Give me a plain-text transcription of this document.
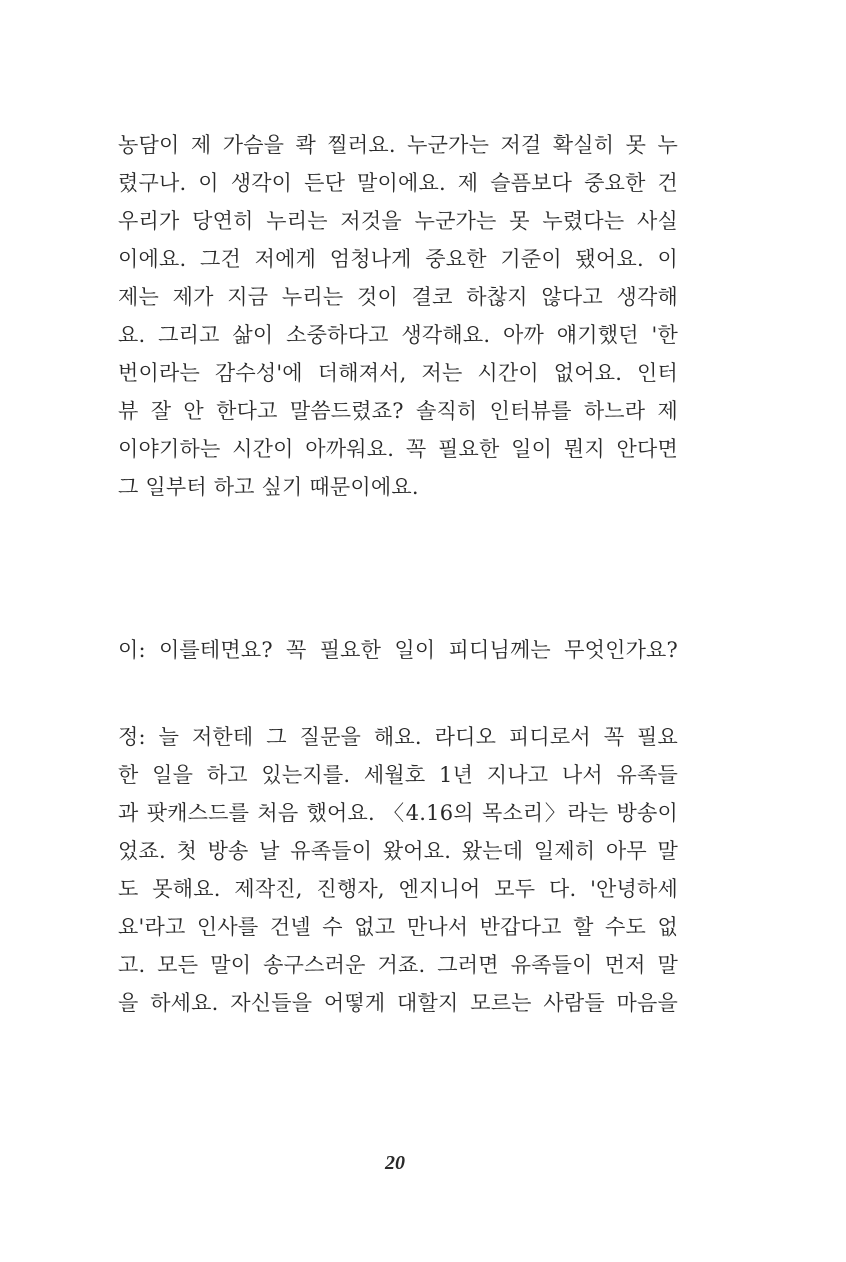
농담이 제 가슴을 콱 찔러요. 누군가는 저걸 확실히 못 누
렸구나. 이 생각이 든단 말이에요. 제 슬픔보다 중요한 건
우리가 당연히 누리는 저것을 누군가는 못 누렸다는 사실
이에요. 그건 저에게 엄청나게 중요한 기준이 됐어요. 이
제는 제가 지금 누리는 것이 결코 하찮지 않다고 생각해
요. 그리고 삶이 소중하다고 생각해요. 아까 얘기했던 '한
번이라는 감수성'에 더해져서, 저는 시간이 없어요. 인터
뷰 잘 안 한다고 말씀드렸죠? 솔직히 인터뷰를 하느라 제
이야기하는 시간이 아까워요. 꼭 필요한 일이 뭔지 안다면
그 일부터 하고 싶기 때문이에요.
이: 이를테면요? 꼭 필요한 일이 피디님께는 무엇인가요?
정: 늘 저한테 그 질문을 해요. 라디오 피디로서 꼭 필요
한 일을 하고 있는지를. 세월호 1년 지나고 나서 유족들
과 팟캐스드를 처음 했어요. 〈4.16의 목소리〉라는 방송이
었죠. 첫 방송 날 유족들이 왔어요. 왔는데 일제히 아무 말
도 못해요. 제작진, 진행자, 엔지니어 모두 다. '안녕하세
요'라고 인사를 건넬 수 없고 만나서 반갑다고 할 수도 없
고. 모든 말이 송구스러운 거죠. 그러면 유족들이 먼저 말
을 하세요. 자신들을 어떻게 대할지 모르는 사람들 마음을
20
